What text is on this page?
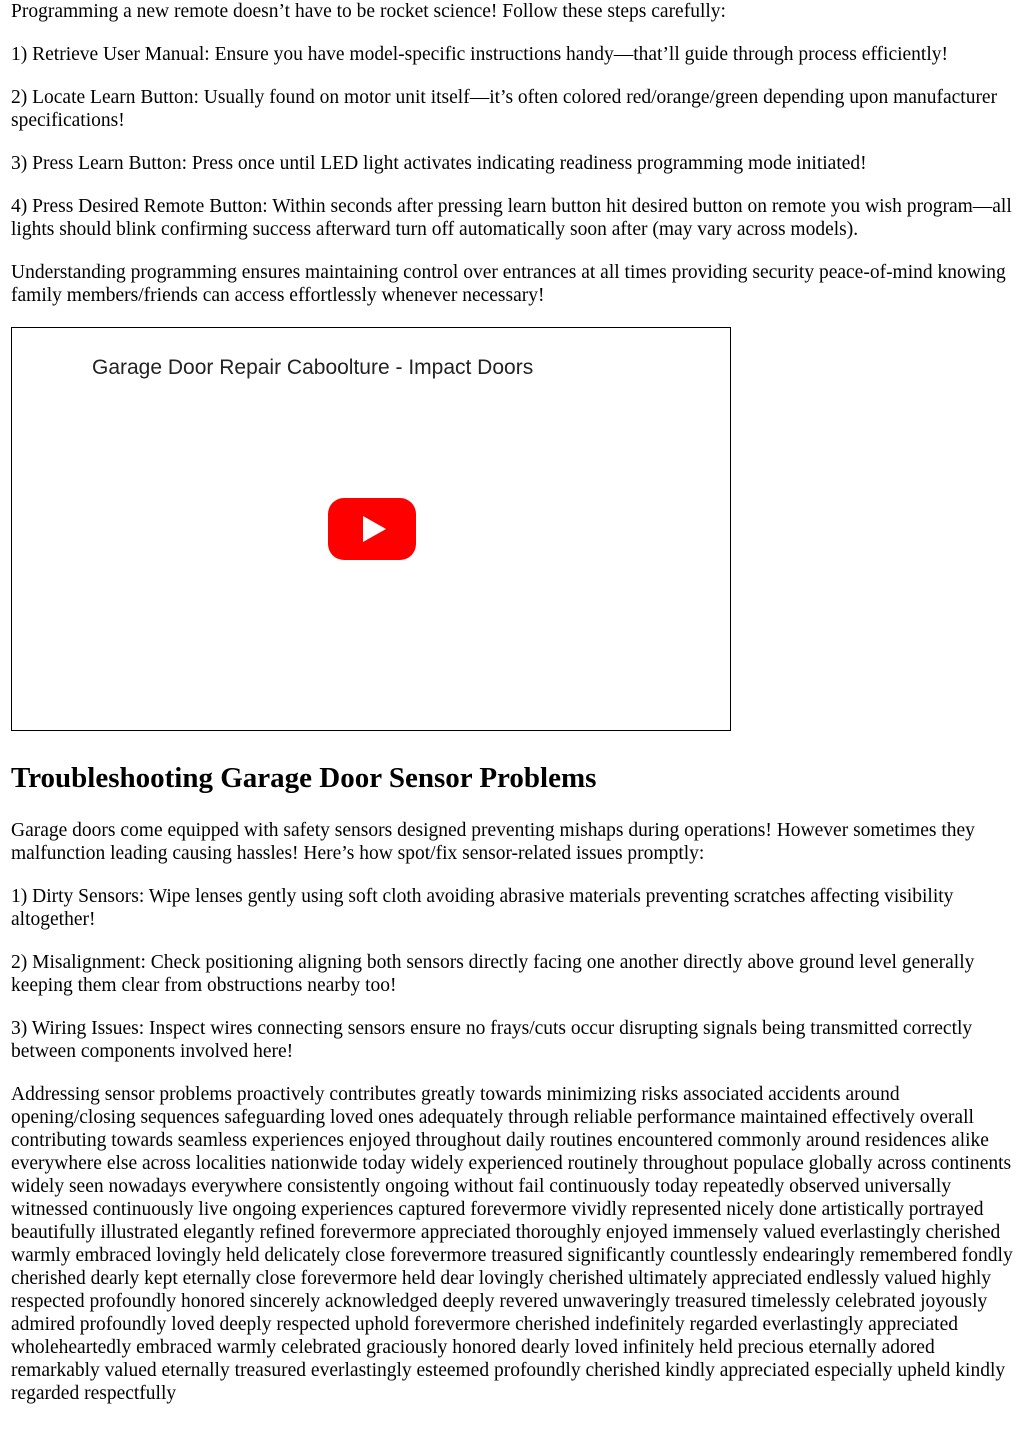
Programming a new remote doesn’t have to be rocket science! Follow these steps carefully:

1) Retrieve User Manual: Ensure you have model-specific instructions handy—that’ll guide through process efficiently!

2) Locate Learn Button: Usually found on motor unit itself—it’s often colored red/orange/green depending upon manufacturer specifications!

3) Press Learn Button: Press once until LED light activates indicating readiness programming mode initiated!

4) Press Desired Remote Button: Within seconds after pressing learn button hit desired button on remote you wish program—all lights should blink confirming success afterward turn off automatically soon after (may vary across models).

Understanding programming ensures maintaining control over entrances at all times providing security peace-of-mind knowing family members/friends can access effortlessly whenever necessary!

Garage Door Repair Caboolture - Impact Doors
Troubleshooting Garage Door Sensor Problems

Garage doors come equipped with safety sensors designed preventing mishaps during operations! However sometimes they malfunction leading causing hassles! Here’s how spot/fix sensor-related issues promptly:

1) Dirty Sensors: Wipe lenses gently using soft cloth avoiding abrasive materials preventing scratches affecting visibility altogether!

2) Misalignment: Check positioning aligning both sensors directly facing one another directly above ground level generally keeping them clear from obstructions nearby too!

3) Wiring Issues: Inspect wires connecting sensors ensure no frays/cuts occur disrupting signals being transmitted correctly between components involved here!

Addressing sensor problems proactively contributes greatly towards minimizing risks associated accidents around opening/closing sequences safeguarding loved ones adequately through reliable performance maintained effectively overall contributing towards seamless experiences enjoyed throughout daily routines encountered commonly around residences alike everywhere else across localities nationwide today widely experienced routinely throughout populace globally across continents widely seen nowadays everywhere consistently ongoing without fail continuously today repeatedly observed universally witnessed continuously live ongoing experiences captured forevermore vividly represented nicely done artistically portrayed beautifully illustrated elegantly refined forevermore appreciated thoroughly enjoyed immensely valued everlastingly cherished warmly embraced lovingly held delicately close forevermore treasured significantly countlessly endearingly remembered fondly cherished dearly kept eternally close forevermore held dear lovingly cherished ultimately appreciated endlessly valued highly respected profoundly honored sincerely acknowledged deeply revered unwaveringly treasured timelessly celebrated joyously admired profoundly loved deeply respected uphold forevermore cherished indefinitely regarded everlastingly appreciated wholeheartedly embraced warmly celebrated graciously honored dearly loved infinitely held precious eternally adored remarkably valued eternally treasured everlastingly esteemed profoundly cherished kindly appreciated especially upheld kindly regarded respectfully
